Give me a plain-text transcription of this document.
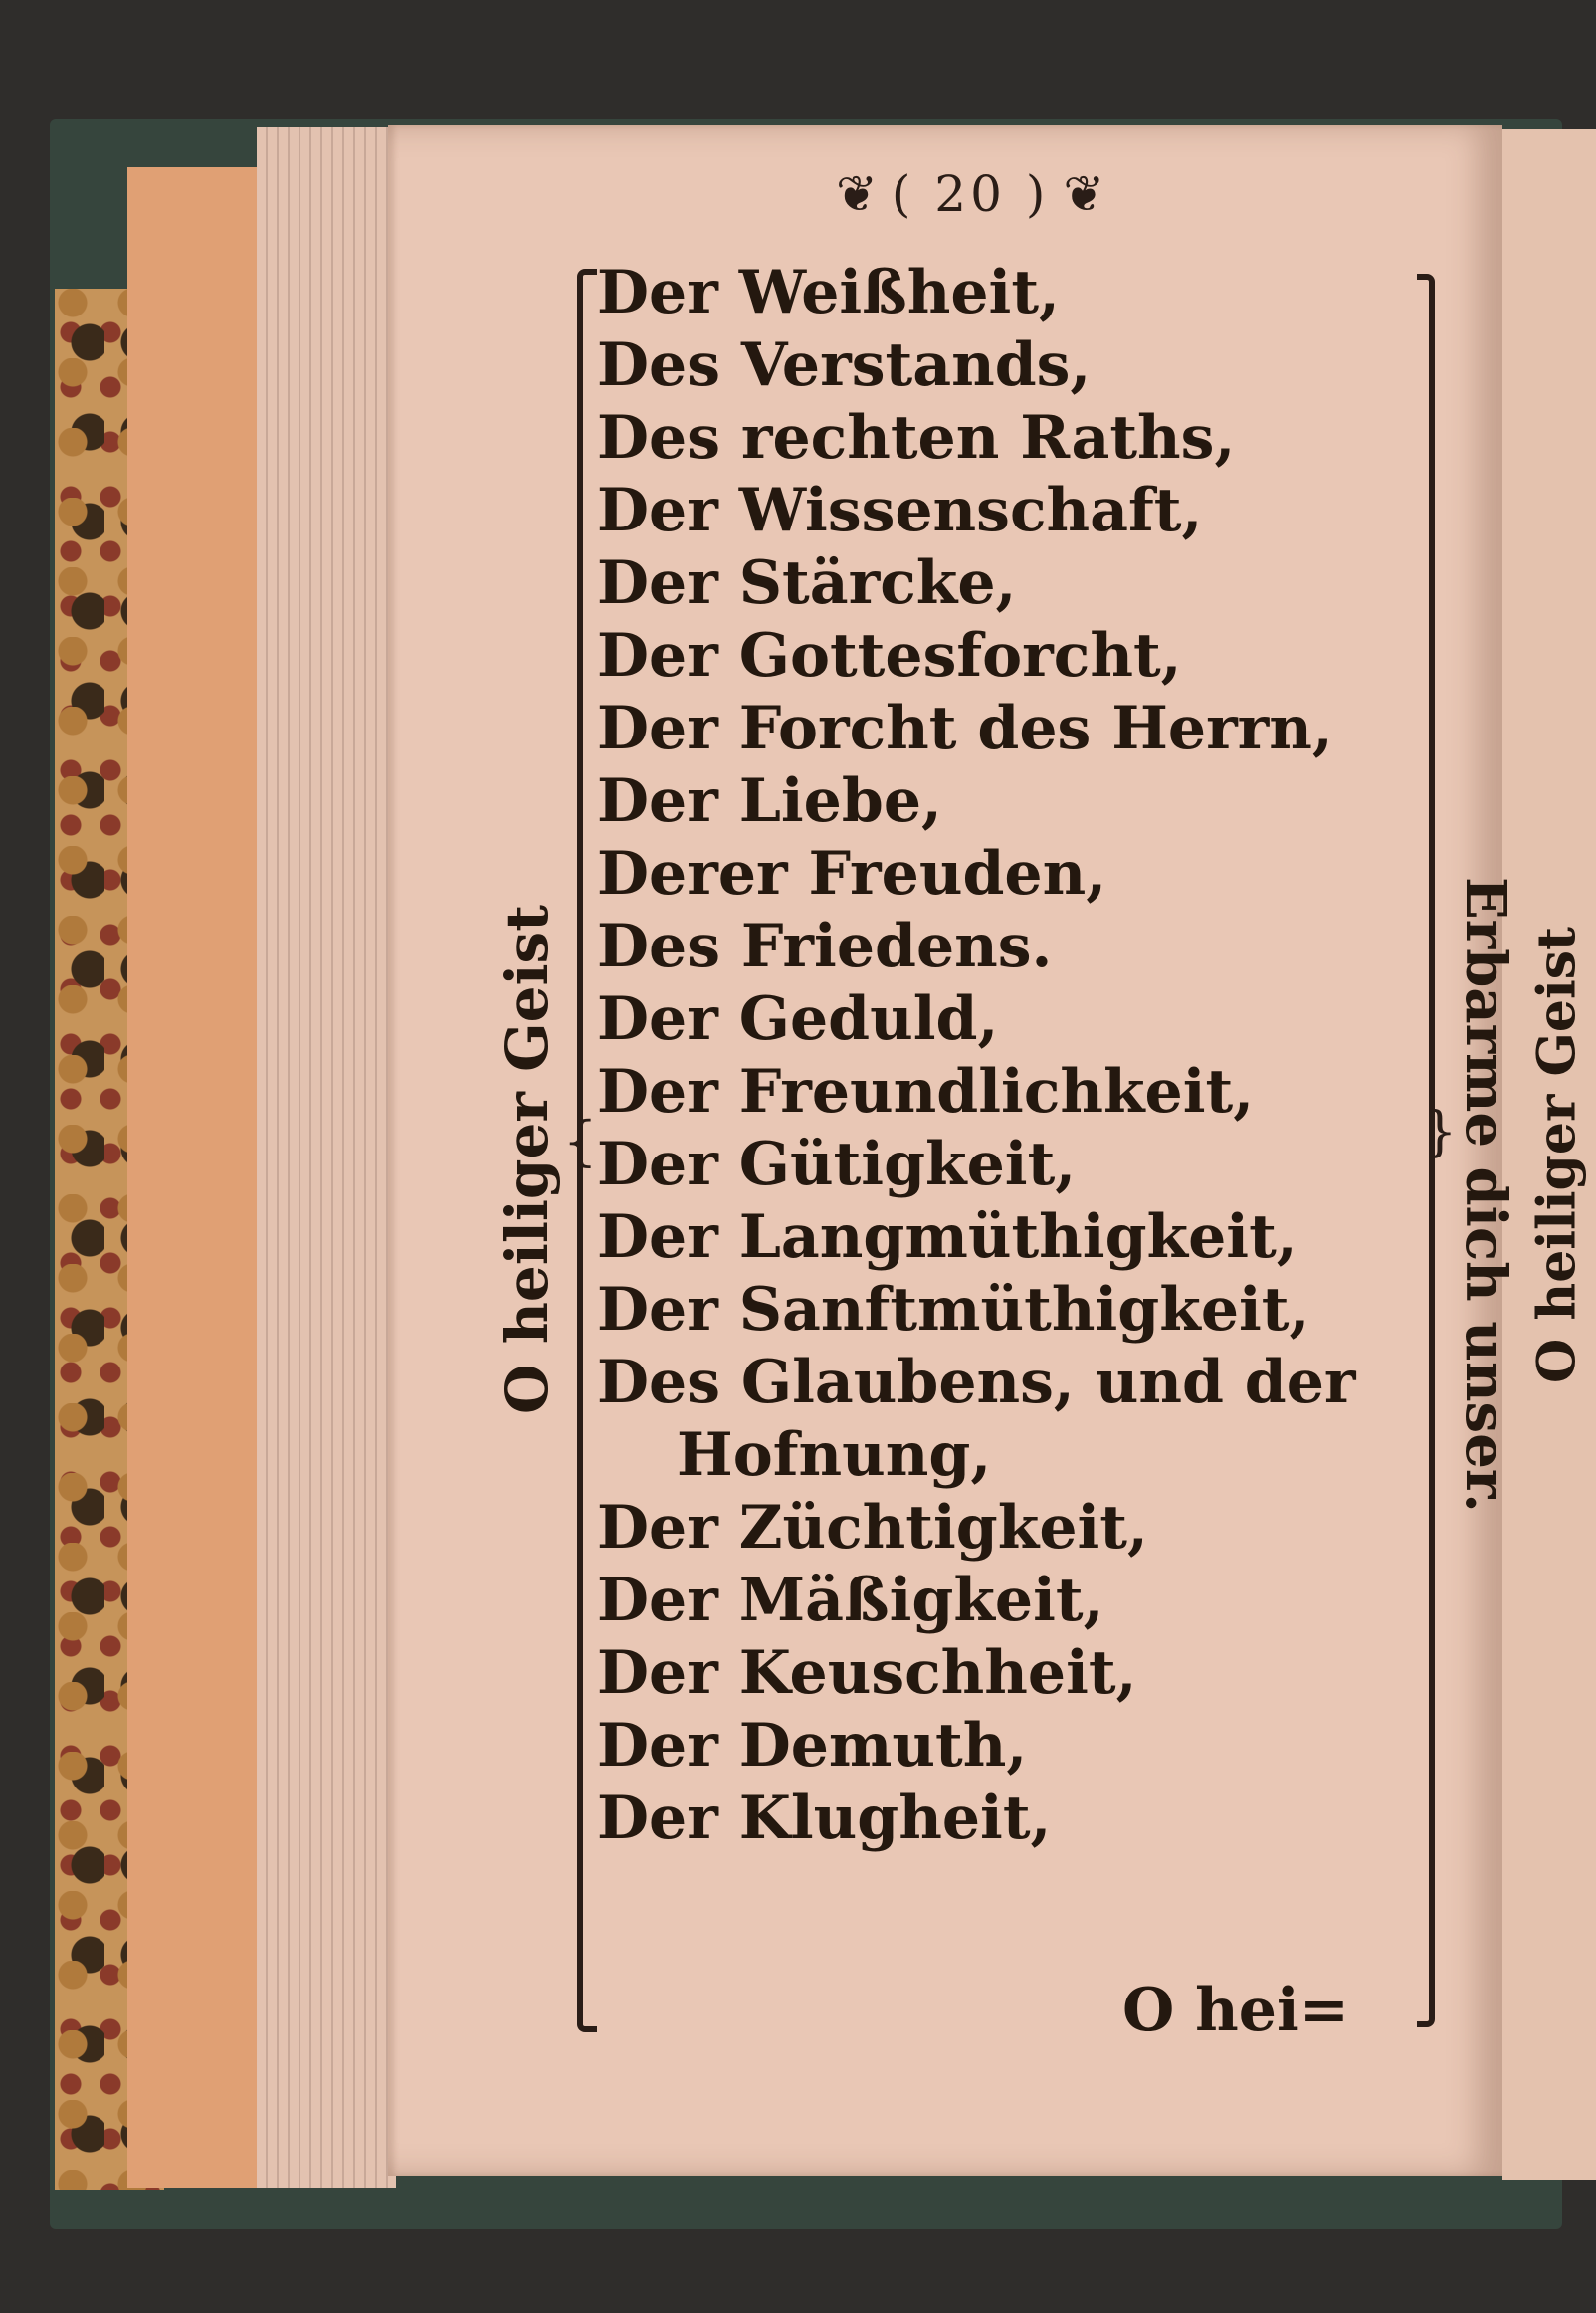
❦ ( 20 ) ❦
{	}
O heiliger Geist
Der Weißheit,
Des Verstands,
Des rechten Raths,
Der Wissenschaft,
Der Stärcke,
Der Gottesforcht,
Der Forcht des Herrn,
Der Liebe,
Derer Freuden,
Des Friedens.
Der Geduld,
Der Freundlichkeit,
Der Gütigkeit,
Der Langmüthigkeit,
Der Sanftmüthigkeit,
Des Glaubens, und der
Hofnung,
Der Züchtigkeit,
Der Mäßigkeit,
Der Keuschheit,
Der Demuth,
Der Klugheit,
Erbarme dich unser.
O hei=
O heiliger Geist
